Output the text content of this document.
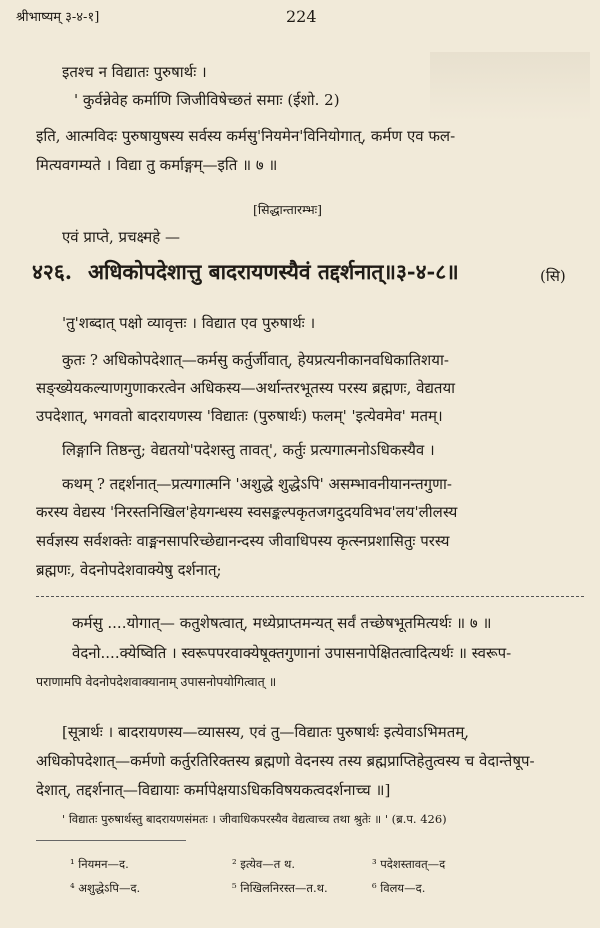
श्रीभाष्यम् ३-४-१]	224
इतश्च न विद्यातः पुरुषार्थः ।
' कुर्वन्नेवेह कर्माणि जिजीविषेच्छतं समाः (ईशो. 2)
इति, आत्मविदः पुरुषायुषस्य सर्वस्य कर्मसु'नियमेन'विनियोगात्, कर्मण एव फल-
मित्यवगम्यते । विद्या तु कर्माङ्गम्—इति ॥ ७ ॥
[सिद्धान्तारम्भः]
एवं प्राप्ते, प्रचक्ष्महे —
४२६. अधिकोपदेशात्तु बादरायणस्यैवं तद्दर्शनात्॥३-४-८॥	(सि)
'तु'शब्दात् पक्षो व्यावृत्तः । विद्यात एव पुरुषार्थः ।
कुतः ? अधिकोपदेशात्—कर्मसु कर्तुर्जीवात्, हेयप्रत्यनीकानवधिकातिशया-
सङ्ख्येयकल्याणगुणाकरत्वेन अधिकस्य—अर्थान्तरभूतस्य परस्य ब्रह्मणः, वेद्यतया
उपदेशात्, भगवतो बादरायणस्य 'विद्यातः (पुरुषार्थः) फलम्' 'इत्येवमेव' मतम्।
लिङ्गानि तिष्ठन्तु; वेद्यतयो'पदेशस्तु तावत्', कर्तुः प्रत्यगात्मनोऽधिकस्यैव ।
कथम् ? तद्दर्शनात्—प्रत्यगात्मनि 'अशुद्धे शुद्धेऽपि' असम्भावनीयानन्तगुणा-
करस्य वेद्यस्य 'निरस्तनिखिल'हेयगन्धस्य स्वसङ्कल्पकृतजगदुदयविभव'लय'लीलस्य
सर्वज्ञस्य सर्वशक्तेः वाङ्मनसापरिच्छेद्यानन्दस्य जीवाधिपस्य कृत्स्नप्रशासितुः परस्य
ब्रह्मणः, वेदनोपदेशवाक्येषु दर्शनात्;
कर्मसु ....योगात्— कतुशेषत्वात्, मध्येप्राप्तमन्यत् सर्वं तच्छेषभूतमित्यर्थः ॥ ७ ॥
वेदनो....क्येष्विति । स्वरूपपरवाक्येषूक्तगुणानां उपासनापेक्षितत्वादित्यर्थः ॥ स्वरूप-
पराणामपि वेदनोपदेशवाक्यानाम् उपासनोपयोगित्वात् ॥
[सूत्रार्थः । बादरायणस्य—व्यासस्य, एवं तु—विद्यातः पुरुषार्थः इत्येवाऽभिमतम्,
अधिकोपदेशात्—कर्मणो कर्तुरतिरिक्तस्य ब्रह्मणो वेदनस्य तस्य ब्रह्मप्राप्तिहेतुत्वस्य च वेदान्तेषूप-
देशात्, तद्दर्शनात्—विद्यायाः कर्मापेक्षयाऽधिकविषयकत्वदर्शनाच्च ॥]
' विद्यातः पुरुषार्थस्तु बादरायणसंमतः । जीवाधिकपरस्यैव वेद्यत्वाच्च तथा श्रुतेः ॥ ' (ब्र.प. 426)
¹ नियमन—द.	² इत्येव—त थ.	³ पदेशस्तावत्—द
⁴ अशुद्धेऽपि—द.	⁵ निखिलनिरस्त—त.थ.	⁶ विलय—द.
